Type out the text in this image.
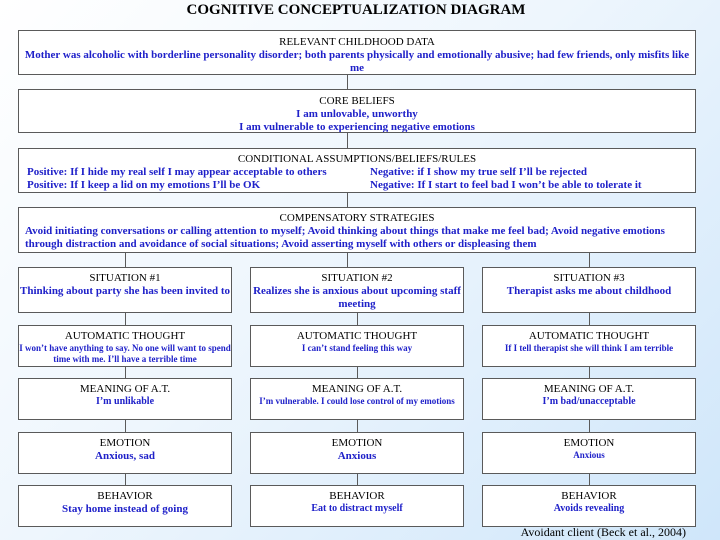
COGNITIVE CONCEPTUALIZATION DIAGRAM
RELEVANT CHILDHOOD DATA
Mother was alcoholic with borderline personality disorder; both parents physically and emotionally abusive; had few friends, only misfits like me
CORE BELIEFS
I am unlovable, unworthy
I am vulnerable to experiencing negative emotions
CONDITIONAL ASSUMPTIONS/BELIEFS/RULES
Positive: If I hide my real self I may appear acceptable to others
Positive: If I keep a lid on my emotions I’ll be OK
Negative: if I show my true self I’ll be rejected
Negative: If I start to feel bad I won’t be able to tolerate it
COMPENSATORY STRATEGIES
Avoid initiating conversations or calling attention to myself; Avoid thinking about things that make me feel bad; Avoid negative emotions through distraction and avoidance of social situations; Avoid asserting myself with others or displeasing them
SITUATION #1
Thinking about party she has been invited to
AUTOMATIC THOUGHT
I won’t have anything to say. No one will want to spend time with me. I’ll have a terrible time
MEANING OF A.T.
I’m unlikable
EMOTION
Anxious, sad
BEHAVIOR
Stay home instead of going
SITUATION #2
Realizes she is anxious about upcoming staff meeting
AUTOMATIC THOUGHT
I can’t stand feeling this way
MEANING OF A.T.
I’m vulnerable. I could lose control of my emotions
EMOTION
Anxious
BEHAVIOR
Eat to distract myself
SITUATION #3
Therapist asks me about childhood
AUTOMATIC THOUGHT
If I tell therapist she will think I am terrible
MEANING OF A.T.
I’m bad/unacceptable
EMOTION
Anxious
BEHAVIOR
Avoids revealing
Avoidant client (Beck et al., 2004)
